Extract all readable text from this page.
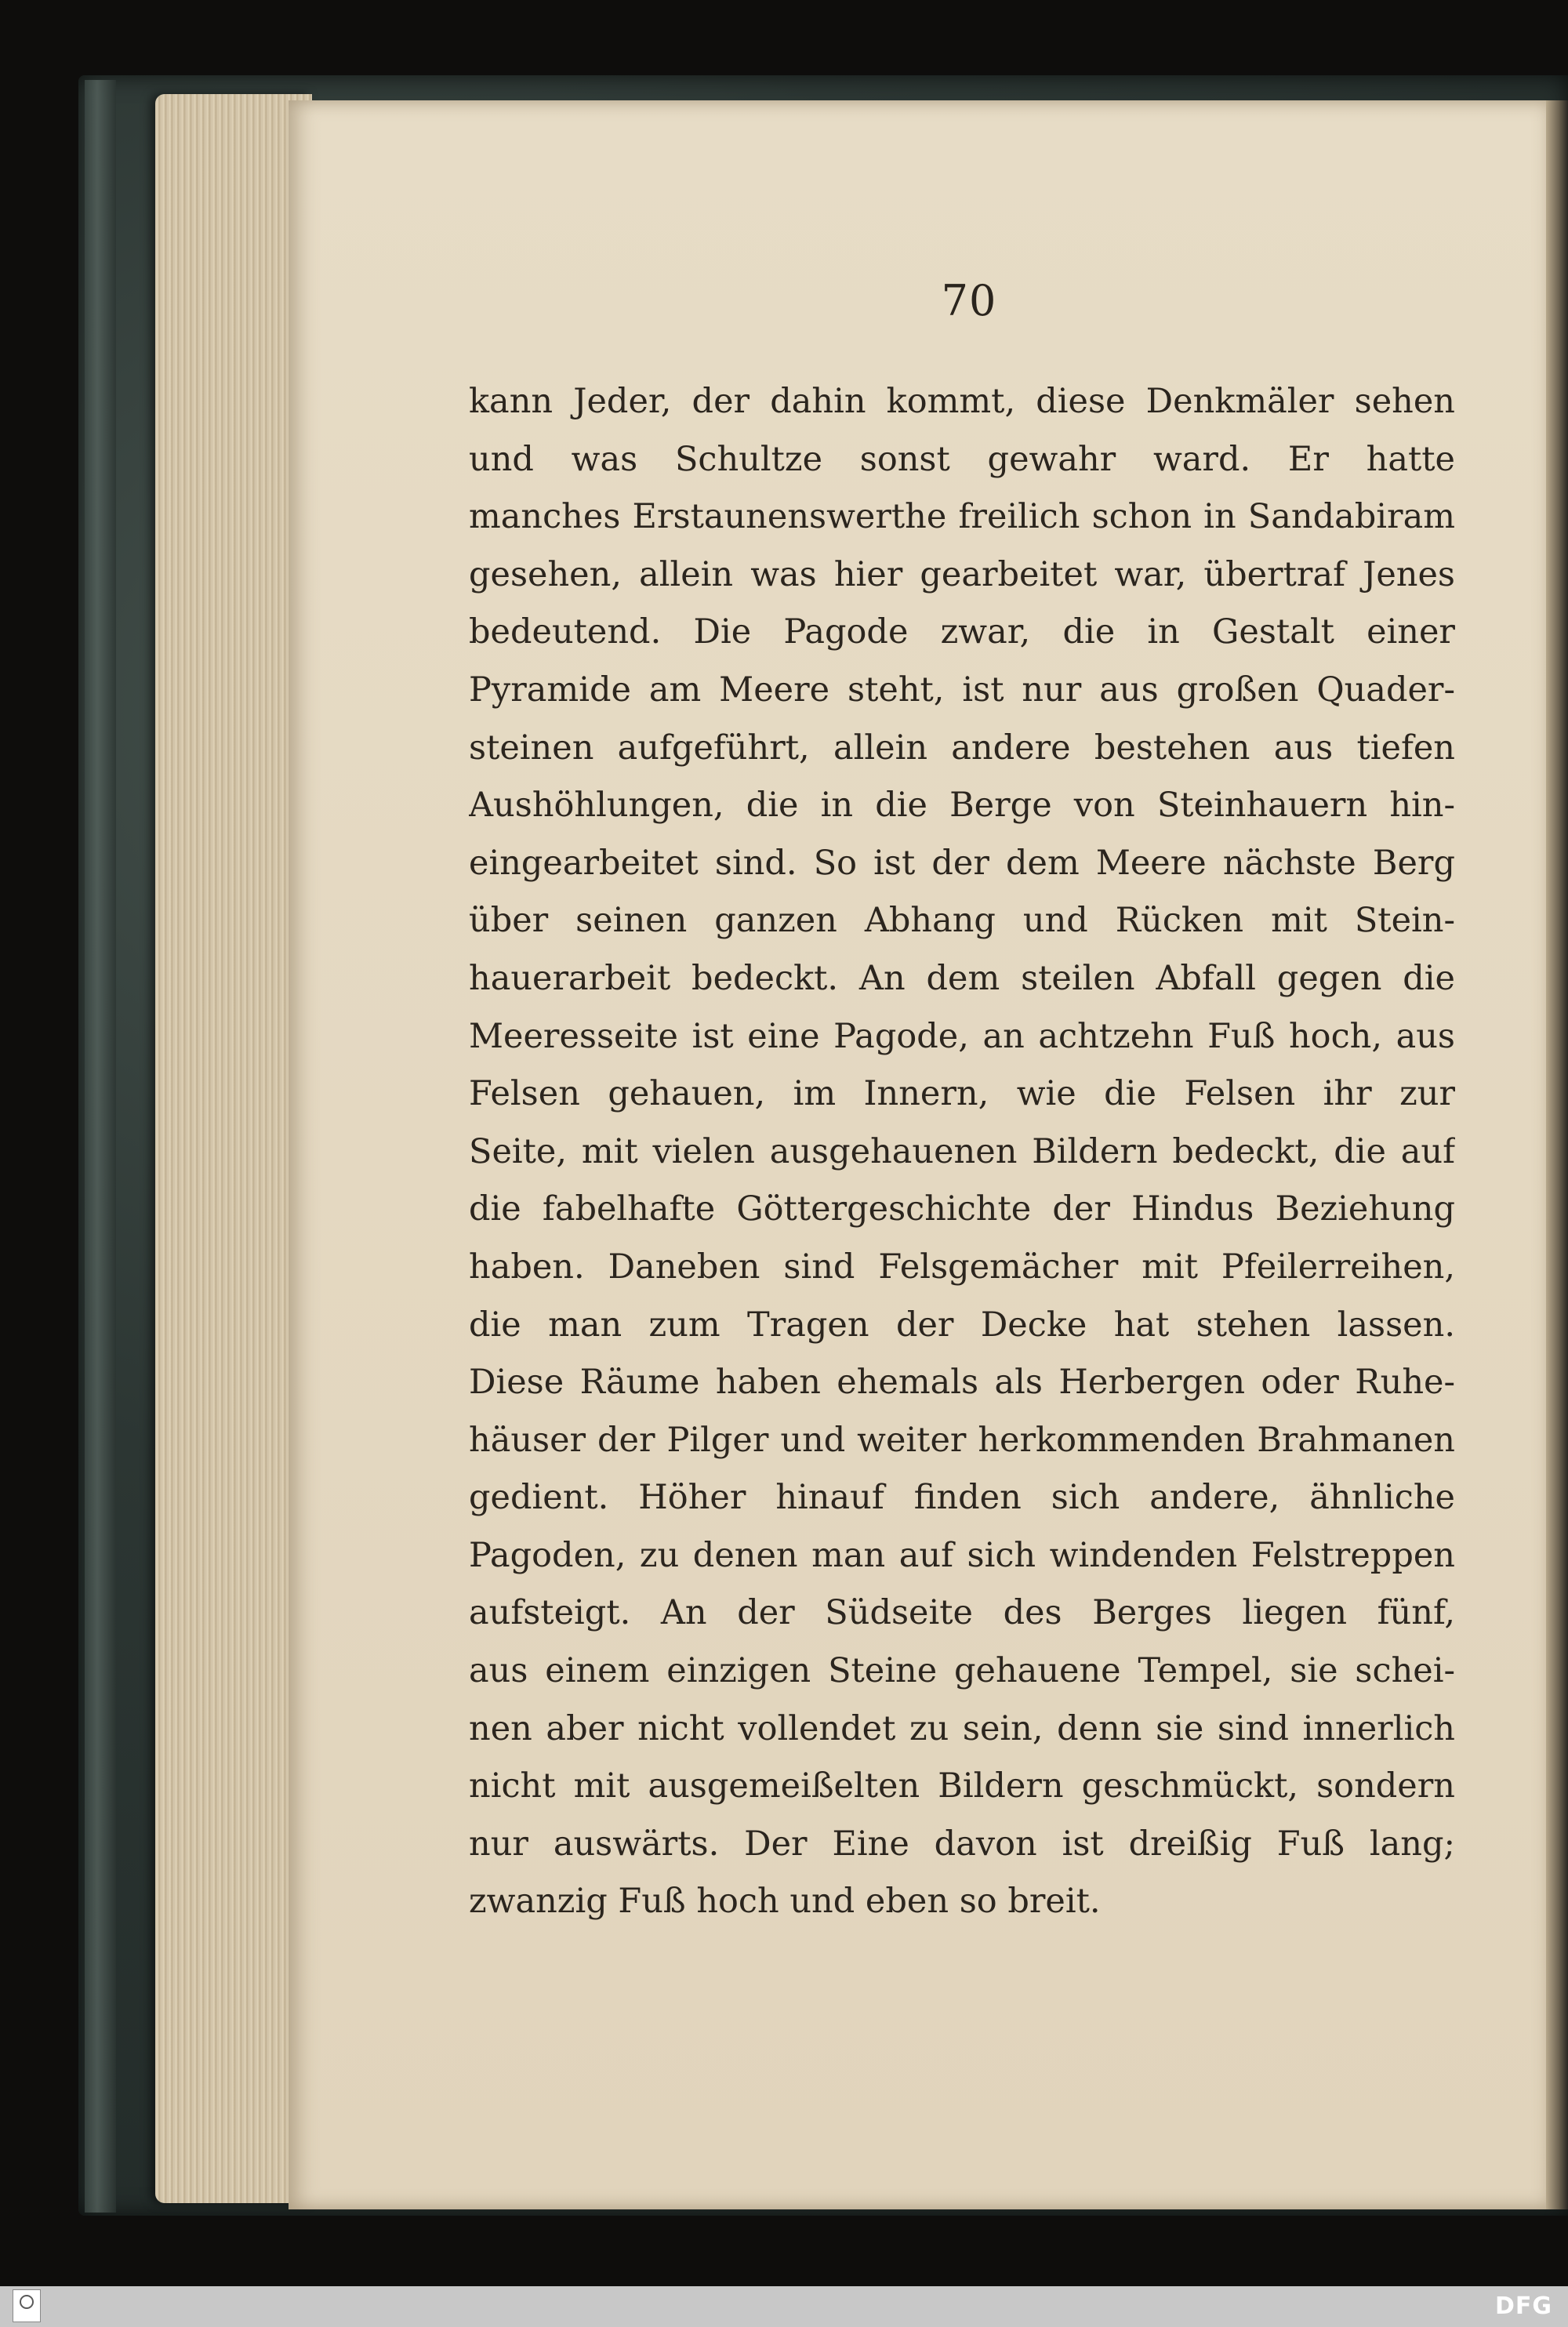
70
kann Jeder, der dahin kommt, diese Denkmäler sehen
und was Schultze sonst gewahr ward. Er hatte
manches Erstaunenswerthe freilich schon in Sandabiram
gesehen, allein was hier gearbeitet war, übertraf Jenes
bedeutend. Die Pagode zwar, die in Gestalt einer
Pyramide am Meere steht, ist nur aus großen Quader-
steinen aufgeführt, allein andere bestehen aus tiefen
Aushöhlungen, die in die Berge von Steinhauern hin-
eingearbeitet sind. So ist der dem Meere nächste Berg
über seinen ganzen Abhang und Rücken mit Stein-
hauerarbeit bedeckt. An dem steilen Abfall gegen die
Meeresseite ist eine Pagode, an achtzehn Fuß hoch, aus
Felsen gehauen, im Innern, wie die Felsen ihr zur
Seite, mit vielen ausgehauenen Bildern bedeckt, die auf
die fabelhafte Göttergeschichte der Hindus Beziehung
haben. Daneben sind Felsgemächer mit Pfeilerreihen,
die man zum Tragen der Decke hat stehen lassen.
Diese Räume haben ehemals als Herbergen oder Ruhe-
häuser der Pilger und weiter herkommenden Brahmanen
gedient. Höher hinauf finden sich andere, ähnliche
Pagoden, zu denen man auf sich windenden Felstreppen
aufsteigt. An der Südseite des Berges liegen fünf,
aus einem einzigen Steine gehauene Tempel, sie schei-
nen aber nicht vollendet zu sein, denn sie sind innerlich
nicht mit ausgemeißelten Bildern geschmückt, sondern
nur auswärts. Der Eine davon ist dreißig Fuß lang;
zwanzig Fuß hoch und eben so breit.
DFG
